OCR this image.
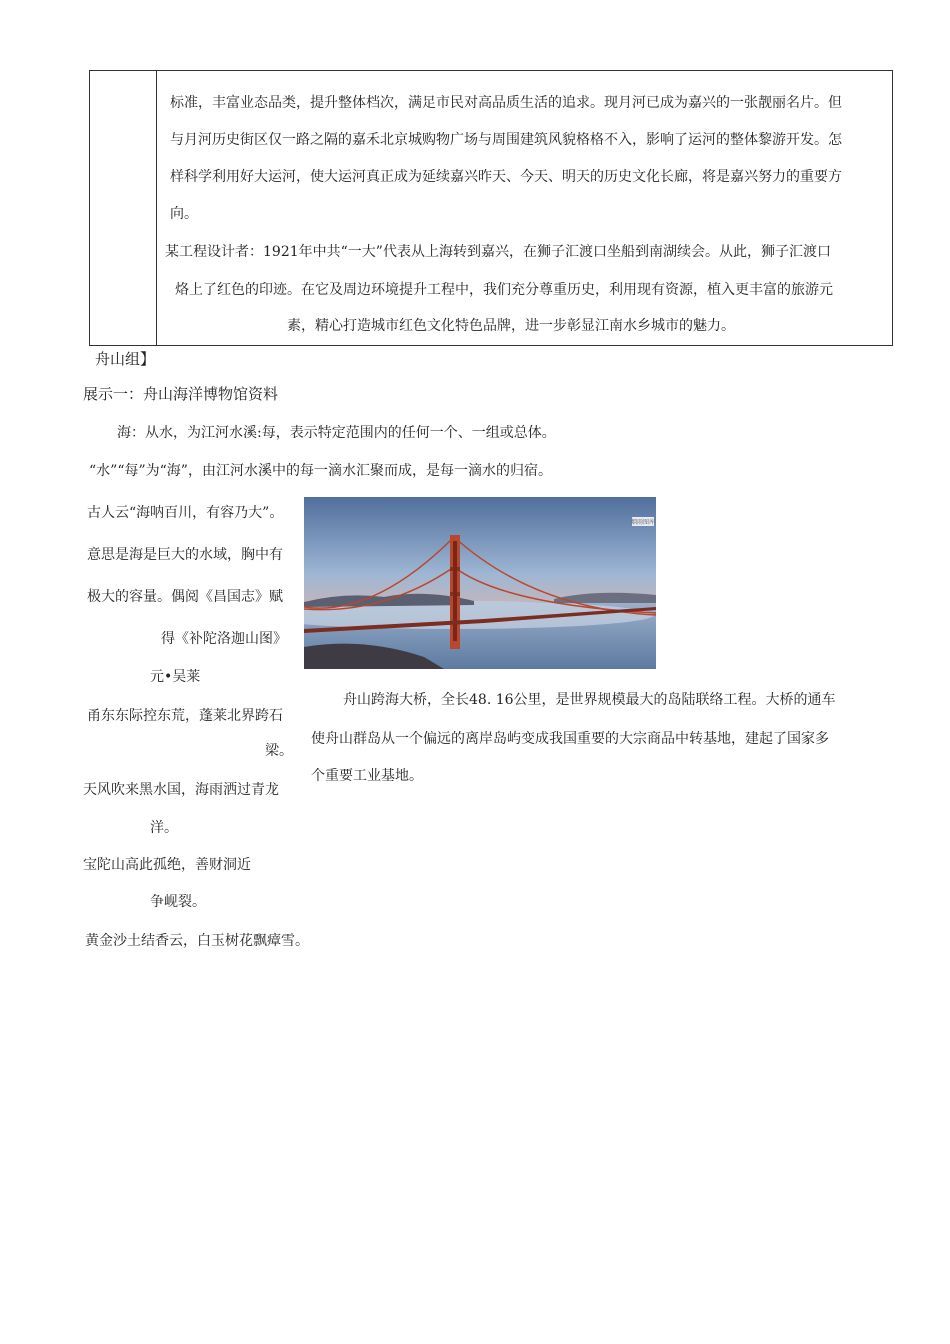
标准，丰富业态品类，提升整体档次，满足市民对高品质生活的追求。现月河已成为嘉兴的一张靓丽名片。但
与月河历史街区仅一路之隔的嘉禾北京城购物广场与周围建筑风貌格格不入，影响了运河的整体黎游开发。怎
样科学利用好大运河，使大运河真正成为延续嘉兴昨天、今天、明天的历史文化长廊，将是嘉兴努力的重要方
向。
某工程设计者：1921年中共“一大”代表从上海转到嘉兴，在狮子汇渡口坐船到南湖续会。从此，狮子汇渡口
烙上了红色的印迹。在它及周边环境提升工程中，我们充分尊重历史，利用现有资源，植入更丰富的旅游元
素，精心打造城市红色文化特色品牌，进一步彰显江南水乡城市的魅力。
舟山组】
展示一：舟山海洋博物馆资料
海：从水，为江河水溪:每，表示特定范围内的任何一个、一组或总体。
“水”“每”为“海”，由江河水溪中的每一滴水汇聚而成，是每一滴水的归宿。
古人云“海呐百川，有容乃大”。
意思是海是巨大的水域，胸中有
极大的容量。偶阅《昌国志》赋
得《补陀洛迦山图》
元•吴莱
甬东东际控东荒，蓬莱北界跨石
梁。
天风吹来黑水国，海雨洒过青龙
洋。
宝陀山高此孤绝，善财洞近
争岘裂。
黄金沙土结香云，白玉树花飘瘴雪。
烟雨图库
舟山跨海大桥，全长48. 16公里，是世界规模最大的岛陆联络工程。大桥的通车
使舟山群岛从一个偏远的离岸岛屿变成我国重要的大宗商品中转基地，建起了国家多
个重要工业基地。
